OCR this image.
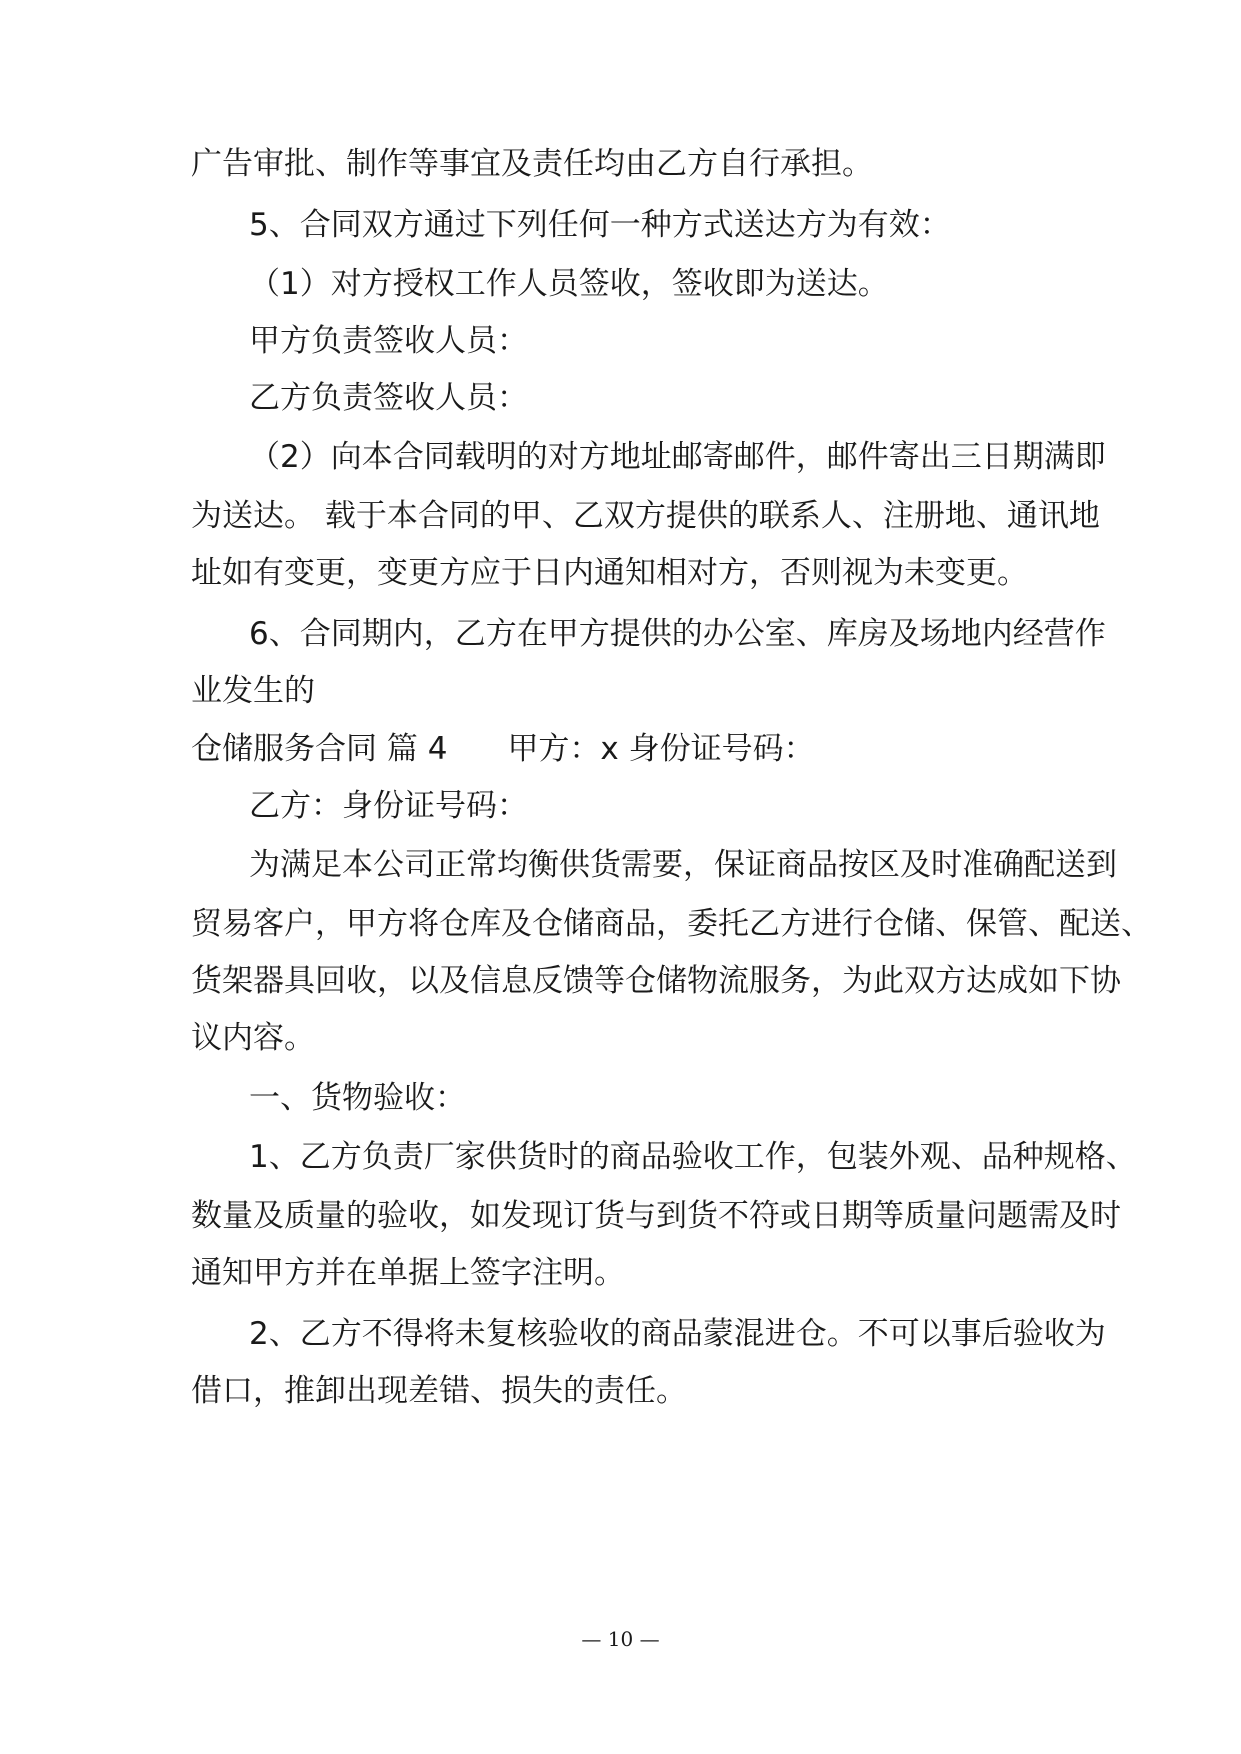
广告审批、制作等事宜及责任均由乙方自行承担。
5、合同双方通过下列任何一种方式送达方为有效：
（1）对方授权工作人员签收，签收即为送达。
甲方负责签收人员：
乙方负责签收人员：
（2）向本合同载明的对方地址邮寄邮件，邮件寄出三日期满即
为送达。 载于本合同的甲、乙双方提供的联系人、注册地、通讯地
址如有变更，变更方应于日内通知相对方，否则视为未变更。
6、合同期内，乙方在甲方提供的办公室、库房及场地内经营作
业发生的
仓储服务合同 篇 4 甲方：x 身份证号码：
乙方：身份证号码：
为满足本公司正常均衡供货需要，保证商品按区及时准确配送到
贸易客户，甲方将仓库及仓储商品，委托乙方进行仓储、保管、配送、
货架器具回收，以及信息反馈等仓储物流服务，为此双方达成如下协
议内容。
一、货物验收：
1、乙方负责厂家供货时的商品验收工作，包装外观、品种规格、
数量及质量的验收，如发现订货与到货不符或日期等质量问题需及时
通知甲方并在单据上签字注明。
2、乙方不得将未复核验收的商品蒙混进仓。不可以事后验收为
借口，推卸出现差错、损失的责任。
— 10 —
